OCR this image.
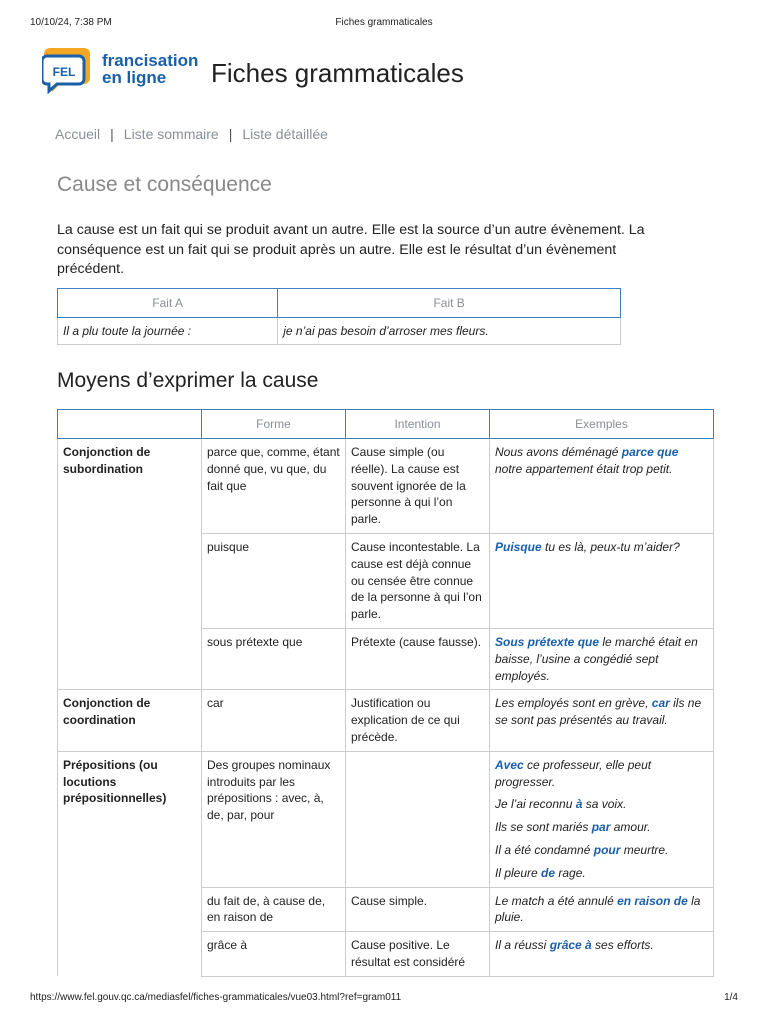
10/10/24, 7:38 PM	Fiches grammaticales
FEL
francisation
en ligne Fiches grammaticales
Accueil | Liste sommaire | Liste détaillée
Cause et conséquence
La cause est un fait qui se produit avant un autre. Elle est la source d’un autre évènement. La conséquence est un fait qui se produit après un autre. Elle est le résultat d’un évènement précédent.
Fait A	Fait B
Il a plu toute la journée :	je n’ai pas besoin d’arroser mes fleurs.
Moyens d’exprimer la cause
	Forme	Intention	Exemples
Conjonction de subordination	parce que, comme, étant donné que, vu que, du fait que	Cause simple (ou réelle). La cause est souvent ignorée de la personne à qui l’on parle.	Nous avons déménagé parce que notre appartement était trop petit.
	puisque	Cause incontestable. La cause est déjà connue ou censée être connue de la personne à qui l’on parle.	Puisque tu es là, peux-tu m’aider?
	sous prétexte que	Prétexte (cause fausse).	Sous prétexte que le marché était en baisse, l’usine a congédié sept employés.
Conjonction de coordination	car	Justification ou explication de ce qui précède.	Les employés sont en grève, car ils ne se sont pas présentés au travail.
Prépositions (ou locutions prépositionnelles)	Des groupes nominaux introduits par les prépositions : avec, à, de, par, pour		Avec ce professeur, elle peut progresser.
Je l’ai reconnu à sa voix.
Ils se sont mariés par amour.
Il a été condamné pour meurtre.
Il pleure de rage.

	du fait de, à cause de, en raison de	Cause simple.	Le match a été annulé en raison de la pluie.
	grâce à	Cause positive. Le résultat est considéré	Il a réussi grâce à ses efforts.
https://www.fel.gouv.qc.ca/mediasfel/fiches-grammaticales/vue03.html?ref=gram011	1/4
